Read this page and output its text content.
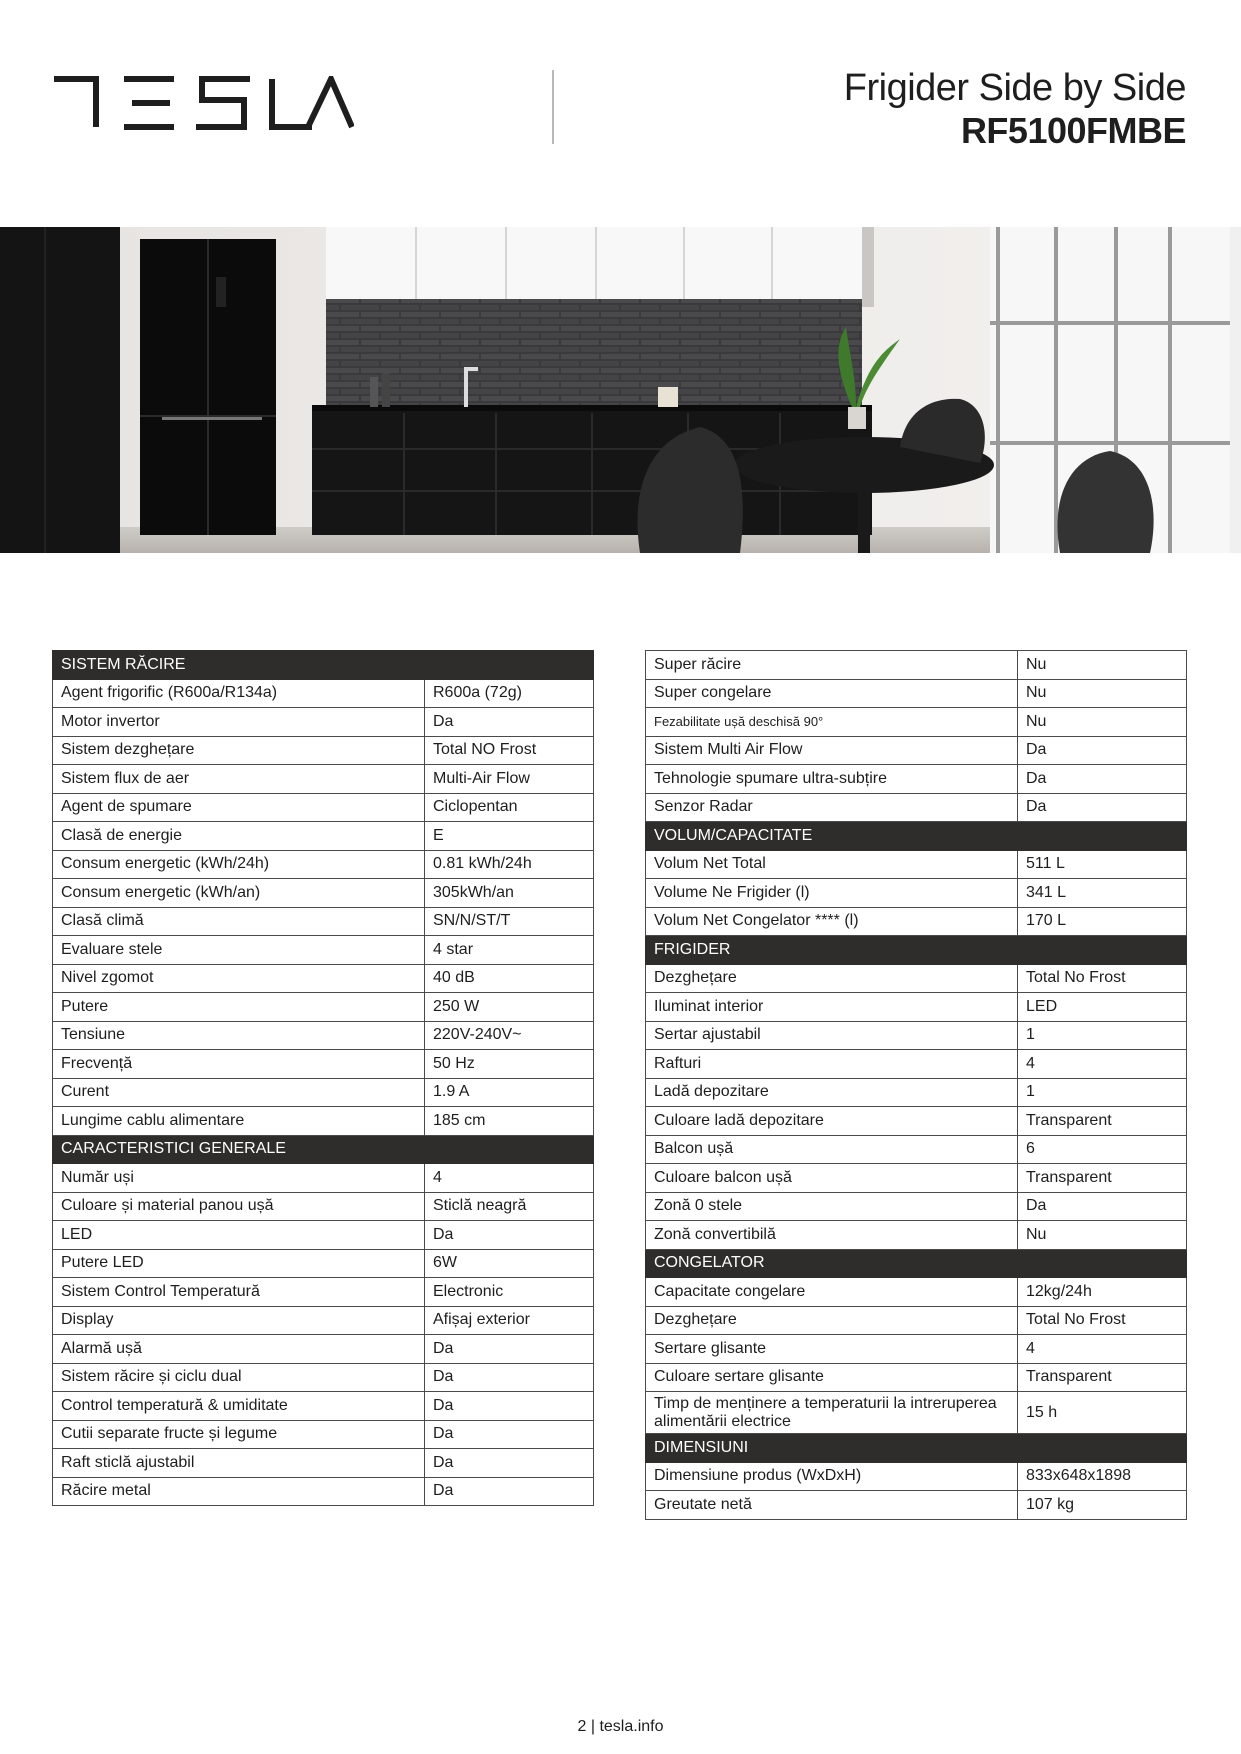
Frigider Side by Side
RF5100FMBE
SISTEM RĂCIRE	
Agent frigorific (R600a/R134a)	R600a (72g)
Motor invertor	Da
Sistem dezghețare	Total NO Frost
Sistem flux de aer	Multi-Air Flow
Agent de spumare	Ciclopentan
Clasă de energie	E
Consum energetic (kWh/24h)	0.81 kWh/24h
Consum energetic (kWh/an)	305kWh/an
Clasă climă	SN/N/ST/T
Evaluare stele	4 star
Nivel zgomot	40 dB
Putere	250 W
Tensiune	220V-240V~
Frecvență	50 Hz
Curent	1.9 A
Lungime cablu alimentare	185 cm
CARACTERISTICI GENERALE	
Număr uși	4
Culoare și material panou ușă	Sticlă neagră
LED	Da
Putere LED	6W
Sistem Control Temperatură	Electronic
Display	Afișaj exterior
Alarmă ușă	Da
Sistem răcire și ciclu dual	Da
Control temperatură & umiditate	Da
Cutii separate fructe și legume	Da
Raft sticlă ajustabil	Da
Răcire metal	Da
Super răcire	Nu
Super congelare	Nu
Fezabilitate ușă deschisă 90°	Nu
Sistem Multi Air Flow	Da
Tehnologie spumare ultra-subțire	Da
Senzor Radar	Da
VOLUM/CAPACITATE	
Volum Net Total	511 L
Volume Ne Frigider (l)	341 L
Volum Net Congelator **** (l)	170 L
FRIGIDER	
Dezghețare	Total No Frost
Iluminat interior	LED
Sertar ajustabil	1
Rafturi	4
Ladă depozitare	1
Culoare ladă depozitare	Transparent
Balcon ușă	6
Culoare balcon ușă	Transparent
Zonă 0 stele	Da
Zonă convertibilă	Nu
CONGELATOR	
Capacitate congelare	12kg/24h
Dezghețare	Total No Frost
Sertare glisante	4
Culoare sertare glisante	Transparent
Timp de menținere a temperaturii la intreruperea alimentării electrice	15 h
DIMENSIUNI	
Dimensiune produs (WxDxH)	833x648x1898
Greutate netă	107 kg
2 | tesla.info
